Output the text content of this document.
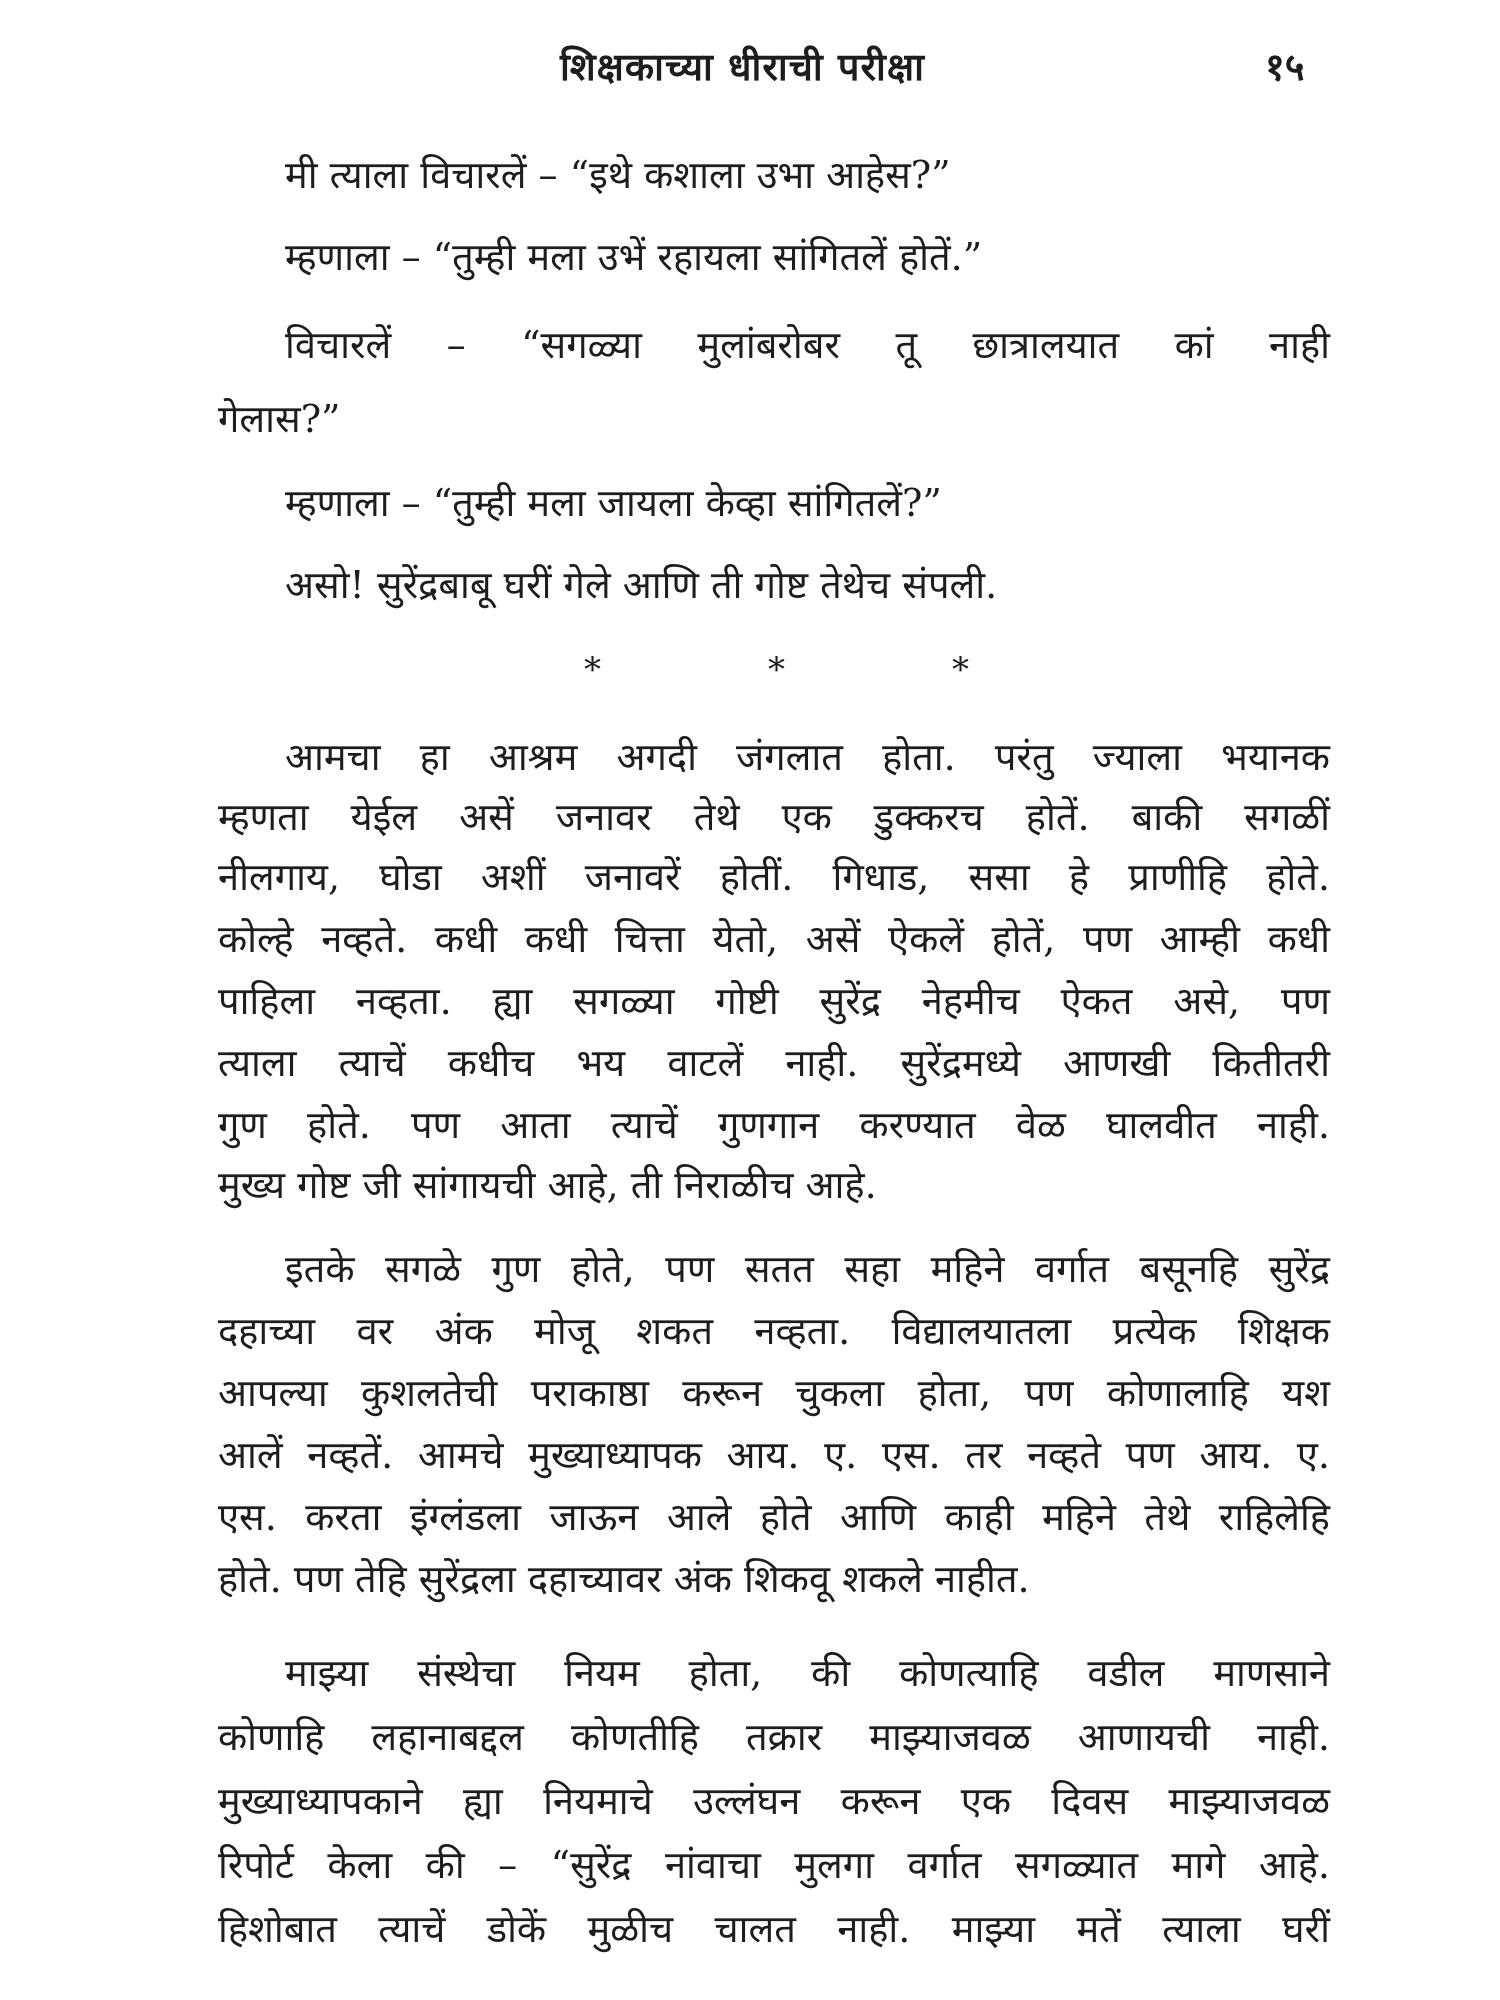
शिक्षकाच्या धीराची परीक्षा	१५
मी त्याला विचारलें – “इथे कशाला उभा आहेस?”
म्हणाला – “तुम्ही मला उभें रहायला सांगितलें होतें.”
विचारलें – “सगळ्या मुलांबरोबर तू छात्रालयात कां नाही
गेलास?”
म्हणाला – “तुम्ही मला जायला केव्हा सांगितलें?”
असो! सुरेंद्रबाबू घरीं गेले आणि ती गोष्ट तेथेच संपली.
*	*	*
आमचा हा आश्रम अगदी जंगलात होता. परंतु ज्याला भयानक
म्हणता येईल असें जनावर तेथे एक डुक्करच होतें. बाकी सगळीं
नीलगाय, घोडा अशीं जनावरें होतीं. गिधाड, ससा हे प्राणीहि होते.
कोल्हे नव्हते. कधी कधी चित्ता येतो, असें ऐकलें होतें, पण आम्ही कधी
पाहिला नव्हता. ह्या सगळ्या गोष्टी सुरेंद्र नेहमीच ऐकत असे, पण
त्याला त्याचें कधीच भय वाटलें नाही. सुरेंद्रमध्ये आणखी कितीतरी
गुण होते. पण आता त्याचें गुणगान करण्यात वेळ घालवीत नाही.
मुख्य गोष्ट जी सांगायची आहे, ती निराळीच आहे.
इतके सगळे गुण होते, पण सतत सहा महिने वर्गात बसूनहि सुरेंद्र
दहाच्या वर अंक मोजू शकत नव्हता. विद्यालयातला प्रत्येक शिक्षक
आपल्या कुशलतेची पराकाष्ठा करून चुकला होता, पण कोणालाहि यश
आलें नव्हतें. आमचे मुख्याध्यापक आय. ए. एस. तर नव्हते पण आय. ए.
एस. करता इंग्लंडला जाऊन आले होते आणि काही महिने तेथे राहिलेहि
होते. पण तेहि सुरेंद्रला दहाच्यावर अंक शिकवू शकले नाहीत.
माझ्या संस्थेचा नियम होता, की कोणत्याहि वडील माणसाने
कोणाहि लहानाबद्दल कोणतीहि तक्रार माझ्याजवळ आणायची नाही.
मुख्याध्यापकाने ह्या नियमाचे उल्लंघन करून एक दिवस माझ्याजवळ
रिपोर्ट केला की – “सुरेंद्र नांवाचा मुलगा वर्गात सगळ्यात मागे आहे.
हिशोबात त्याचें डोकें मुळीच चालत नाही. माझ्या मतें त्याला घरीं
